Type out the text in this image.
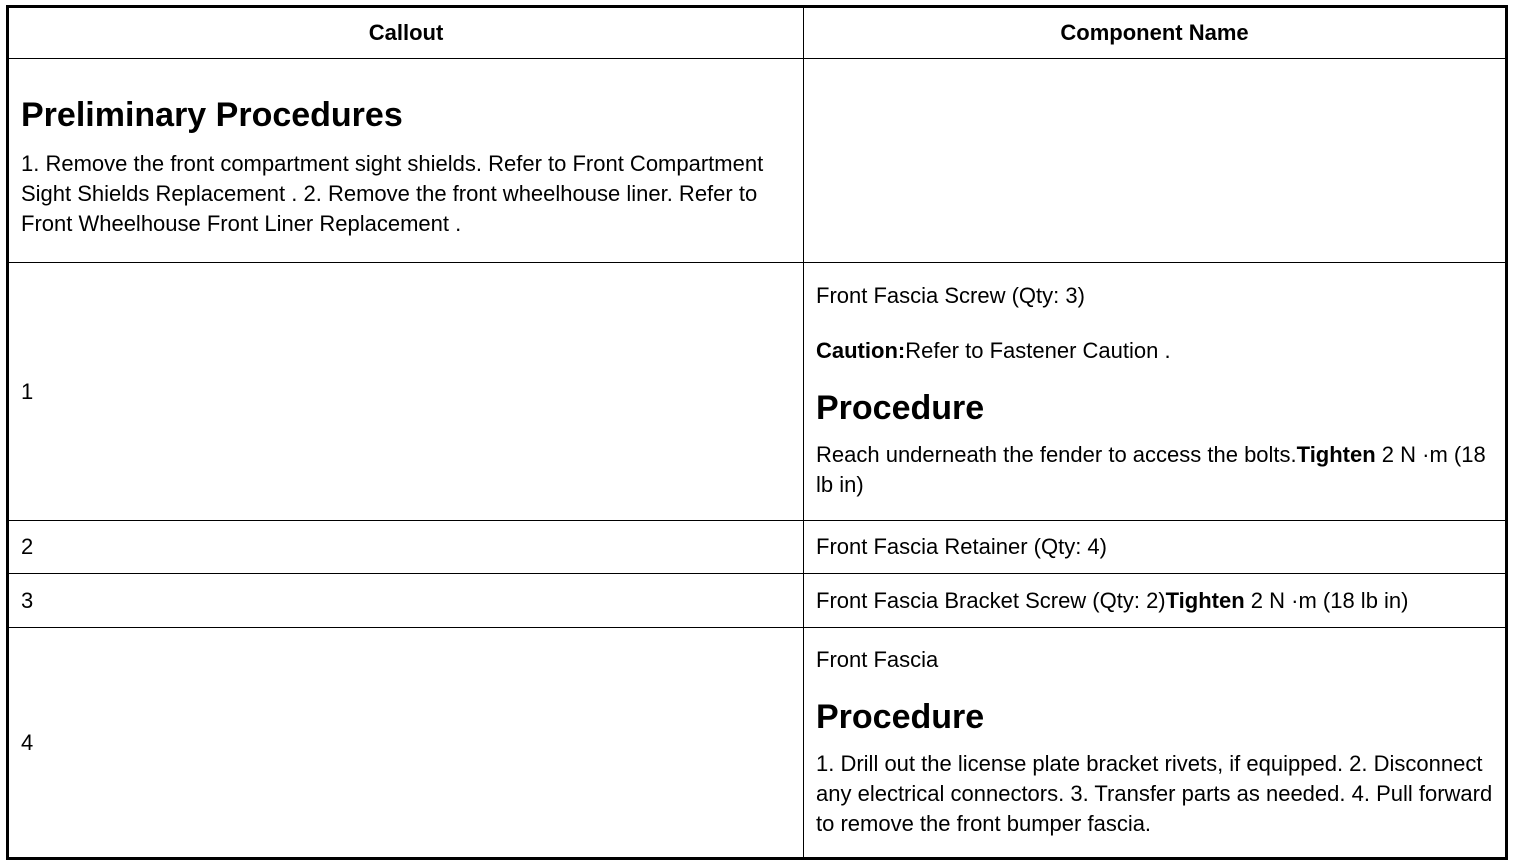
Callout	Component Name

Preliminary Procedures

1. Remove the front compartment sight shields. Refer to Front Compartment Sight Shields Replacement . 2. Remove the front wheelhouse liner. Refer to Front Wheelhouse Front Liner Replacement .	

1	Front Fascia Screw (Qty: 3)

Caution:Refer to Fastener Caution .

Procedure

Reach underneath the fender to access the bolts.Tighten 2 N ·m (18 lb in)

2	Front Fascia Retainer (Qty: 4)
3	Front Fascia Bracket Screw (Qty: 2)Tighten 2 N ·m (18 lb in)
4	Front Fascia

Procedure

1. Drill out the license plate bracket rivets, if equipped. 2. Disconnect any electrical connectors. 3. Transfer parts as needed. 4. Pull forward to remove the front bumper fascia.
